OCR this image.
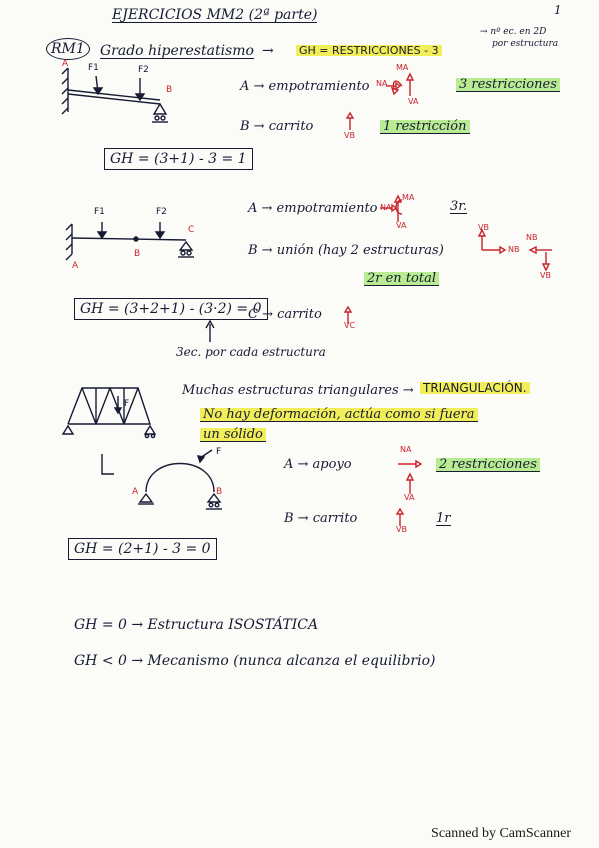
EJERCICIOS MM2 (2ª parte)	1
RM1	Grado hiperestatismo → GH = RESTRICCIONES - 3
→ nº ec. en 2D
por estructura
A F1	F2
B	A → empotramiento
MA
NA
VA
3 restricciones
B → carrito
VB
1 restricción
GH = (3+1) - 3 = 1
F1	F2
A
B
C
A → empotramiento
MA
NA
VA
3r.
B → unión (hay 2 estructuras)
VB
NB
NB
VB
2r en total
GH = (3+2+1) - (3·2) = 0
C → carrito
VC
3ec. por cada estructura
F
Muchas estructuras triangulares → TRIANGULACIÓN.
No hay deformación, actúa como si fuera
un sólido
F
A	B
A → apoyo
NA
VA
2 restricciones
B → carrito
VB
1r
GH = (2+1) - 3 = 0
GH = 0 → Estructura ISOSTÁTICA
GH < 0 → Mecanismo (nunca alcanza el equilibrio)
Scanned by CamScanner
